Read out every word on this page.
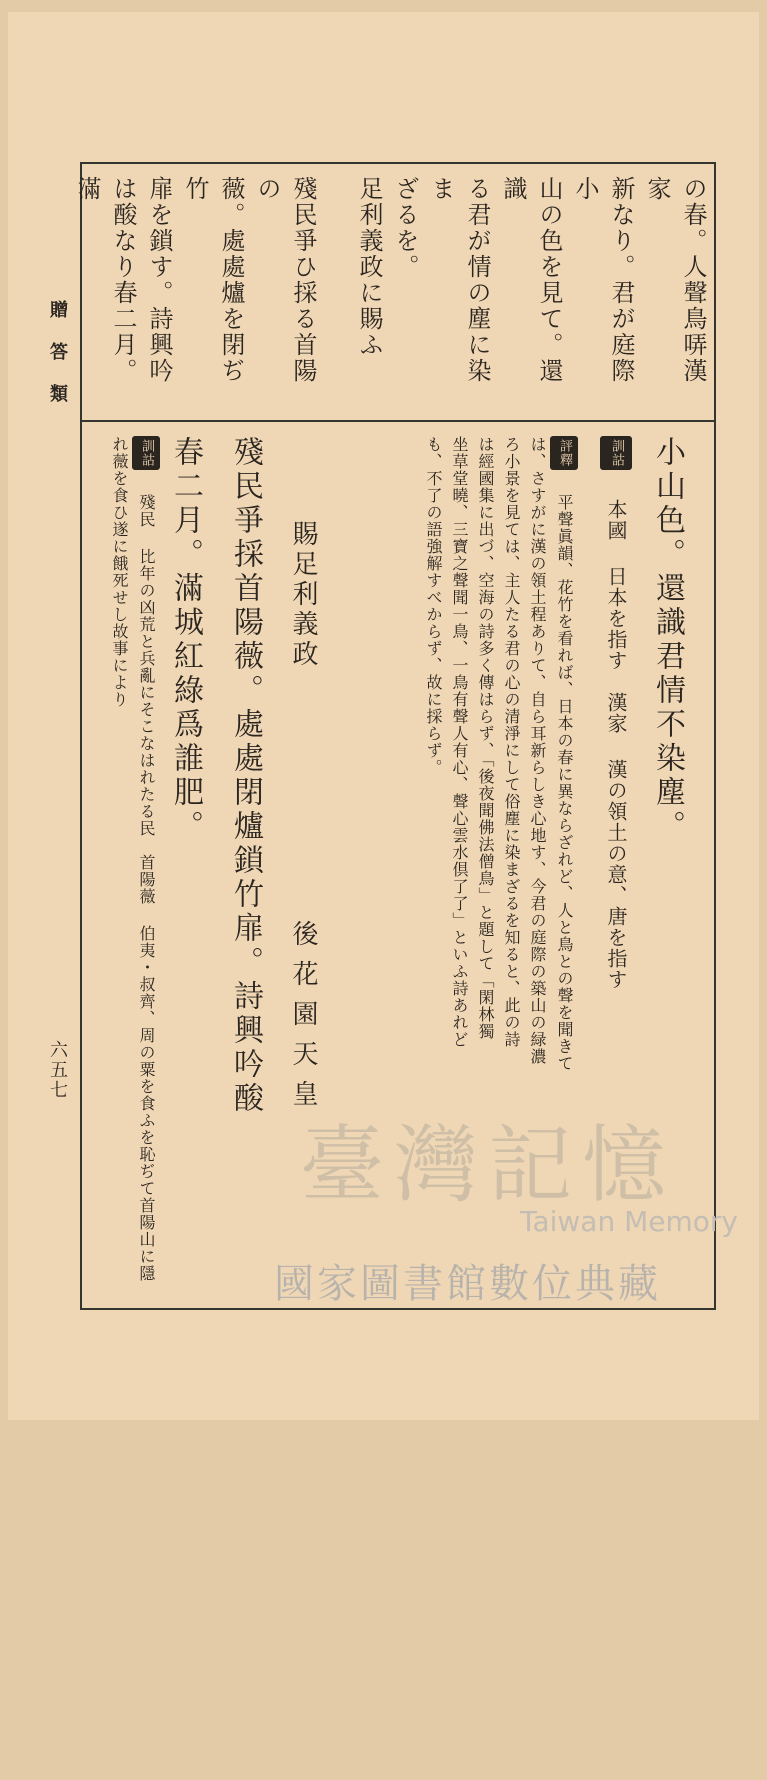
贈答類
六五七

の春。人聲鳥哢漢家

新なり。君が庭際小

山の色を見て。還識

る君が情の塵に染ま

ざるを。

足利義政に賜ふ

殘民爭ひ採る首陽の

薇。處處爐を閉ぢ竹

扉を鎖す。詩興吟

は酸なり春二月。滿

小山色。還識君情不染塵。
訓詁 本國 日本を指す　漢家 漢の領土の意、唐を指す
評釋 平聲眞韻、花竹を看れば、日本の春に異ならざれど、人と鳥との聲を聞きて
は、さすがに漢の領土程ありて、自ら耳新らしき心地す、今君の庭際の築山の緑濃
ろ小景を見ては、主人たる君の心の清淨にして俗塵に染まざるを知ると、此の詩
は經國集に出づ、空海の詩多く傳はらず、「後夜聞佛法僧鳥」と題して「閑林獨
坐草堂曉、三寶之聲聞一鳥、一鳥有聲人有心、聲心雲水倶了了」といふ詩あれど
も、不了の語強解すべからず、故に採らず。
賜足利義政
後花園天皇
殘民爭採首陽薇。處處閉爐鎖竹扉。詩興吟酸
春二月。滿城紅綠爲誰肥。
訓詁 殘民 比年の凶荒と兵亂にそこなはれたる民　首陽薇 伯夷・叔齊、周の粟を食ふを恥ぢて首陽山に隱れ薇を食ひ遂に餓死せし故事により
臺灣記憶
Taiwan Memory
國家圖書館數位典藏
